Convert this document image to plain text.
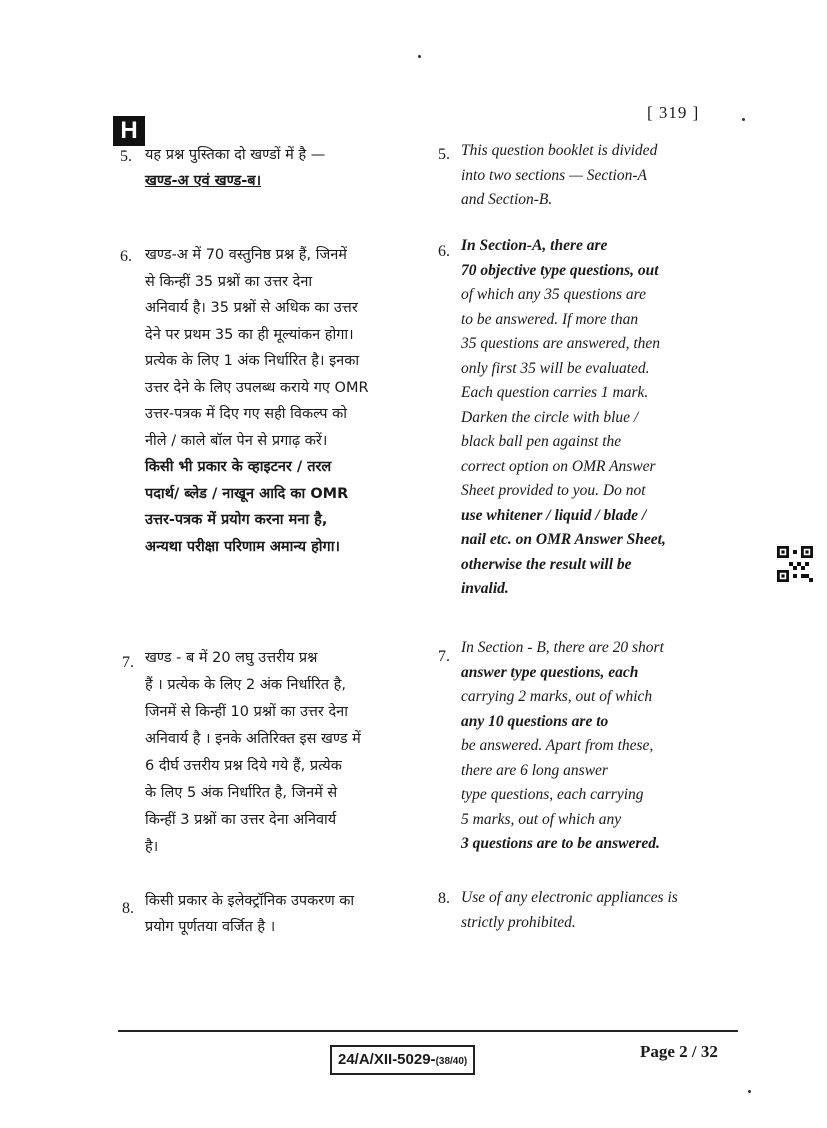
H
[ 319 ]
5. यह प्रश्न पुस्तिका दो खण्डों में है —
खण्ड-अ एवं खण्ड-ब।
5. This question booklet is divided
into two sections — Section-A
and Section-B.
6. खण्ड-अ में 70 वस्तुनिष्ठ प्रश्न हैं, जिनमें
से किन्हीं 35 प्रश्नों का उत्तर देना
अनिवार्य है। 35 प्रश्नों से अधिक का उत्तर
देने पर प्रथम 35 का ही मूल्यांकन होगा।
प्रत्येक के लिए 1 अंक निर्धारित है। इनका
उत्तर देने के लिए उपलब्ध कराये गए OMR
उत्तर-पत्रक में दिए गए सही विकल्प को
नीले / काले बॉल पेन से प्रगाढ़ करें।
किसी भी प्रकार के व्हाइटनर / तरल
पदार्थ/ ब्लेड / नाखून आदि का OMR
उत्तर-पत्रक में प्रयोग करना मना है,
अन्यथा परीक्षा परिणाम अमान्य होगा।
6. In Section-A, there are
70 objective type questions, out
of which any 35 questions are
to be answered. If more than
35 questions are answered, then
only first 35 will be evaluated.
Each question carries 1 mark.
Darken the circle with blue /
black ball pen against the
correct option on OMR Answer
Sheet provided to you. Do not
use whitener / liquid / blade /
nail etc. on OMR Answer Sheet,
otherwise the result will be
invalid.
7. खण्ड - ब में 20 लघु उत्तरीय प्रश्न
हैं । प्रत्येक के लिए 2 अंक निर्धारित है,
जिनमें से किन्हीं 10 प्रश्नों का उत्तर देना
अनिवार्य है । इनके अतिरिक्त इस खण्ड में
6 दीर्घ उत्तरीय प्रश्न दिये गये हैं, प्रत्येक
के लिए 5 अंक निर्धारित है, जिनमें से
किन्हीं 3 प्रश्नों का उत्तर देना अनिवार्य
है।
7.
In Section - B, there are 20 short
answer type questions, each
carrying 2 marks, out of which
any 10 questions are to
be answered. Apart from these,
there are 6 long answer
type questions, each carrying
5 marks, out of which any
3 questions are to be answered.
8. किसी प्रकार के इलेक्ट्रॉनिक उपकरण का
प्रयोग पूर्णतया वर्जित है ।
8. Use of any electronic appliances is
strictly prohibited.
24/A/XII-5029-(38/40)
Page 2 / 32
